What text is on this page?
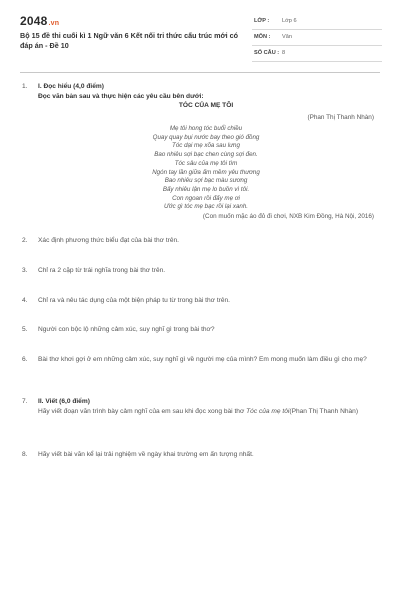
2048.vn
Bộ 15 đề thi cuối kì 1 Ngữ văn 6 Kết nối tri thức cấu trúc mới có đáp án - Đề 10
LỚP : Lớp 6
MÔN : Văn
SỐ CÂU : 8
1. I. Đọc hiểu (4,0 điểm)
Đọc văn bản sau và thực hiện các yêu cầu bên dưới:
TÓC CỦA MẸ TÔI
(Phan Thị Thanh Nhàn)
Mẹ tôi hong tóc buổi chiều
Quay quay bụi nước bay theo gió đồng
Tóc dại mẹ xõa sau lưng
Bao nhiêu sợi bạc chen cùng sợi đen.
Tóc sâu của mẹ tôi tìm
Ngón tay lần giữa ấm mềm yêu thương
Bao nhiêu sợi bạc màu sương
Bấy nhiêu lận mẹ lo buồn vì tôi.
Con ngoan rồi đấy mẹ ơi
Ước gì tóc mẹ bạc rồi lại xanh.
(Con muốn mặc áo đỏ đi chơi, NXB Kim Đồng, Hà Nội, 2016)
2. Xác định phương thức biểu đạt của bài thơ trên.
3. Chỉ ra 2 cặp từ trái nghĩa trong bài thơ trên.
4. Chỉ ra và nêu tác dụng của một biện pháp tu từ trong bài thơ trên.
5. Người con bộc lộ những cảm xúc, suy nghĩ gì trong bài thơ?
6. Bài thơ khơi gợi ở em những cảm xúc, suy nghĩ gì về người mẹ của mình? Em mong muốn làm điều gì cho mẹ?
7. II. Viết (6,0 điểm)
Hãy viết đoạn văn trình bày cảm nghĩ của em sau khi đọc xong bài thơ Tóc của mẹ tôi(Phan Thị Thanh Nhàn)
8. Hãy viết bài văn kể lại trải nghiệm về ngày khai trường em ấn tượng nhất.
